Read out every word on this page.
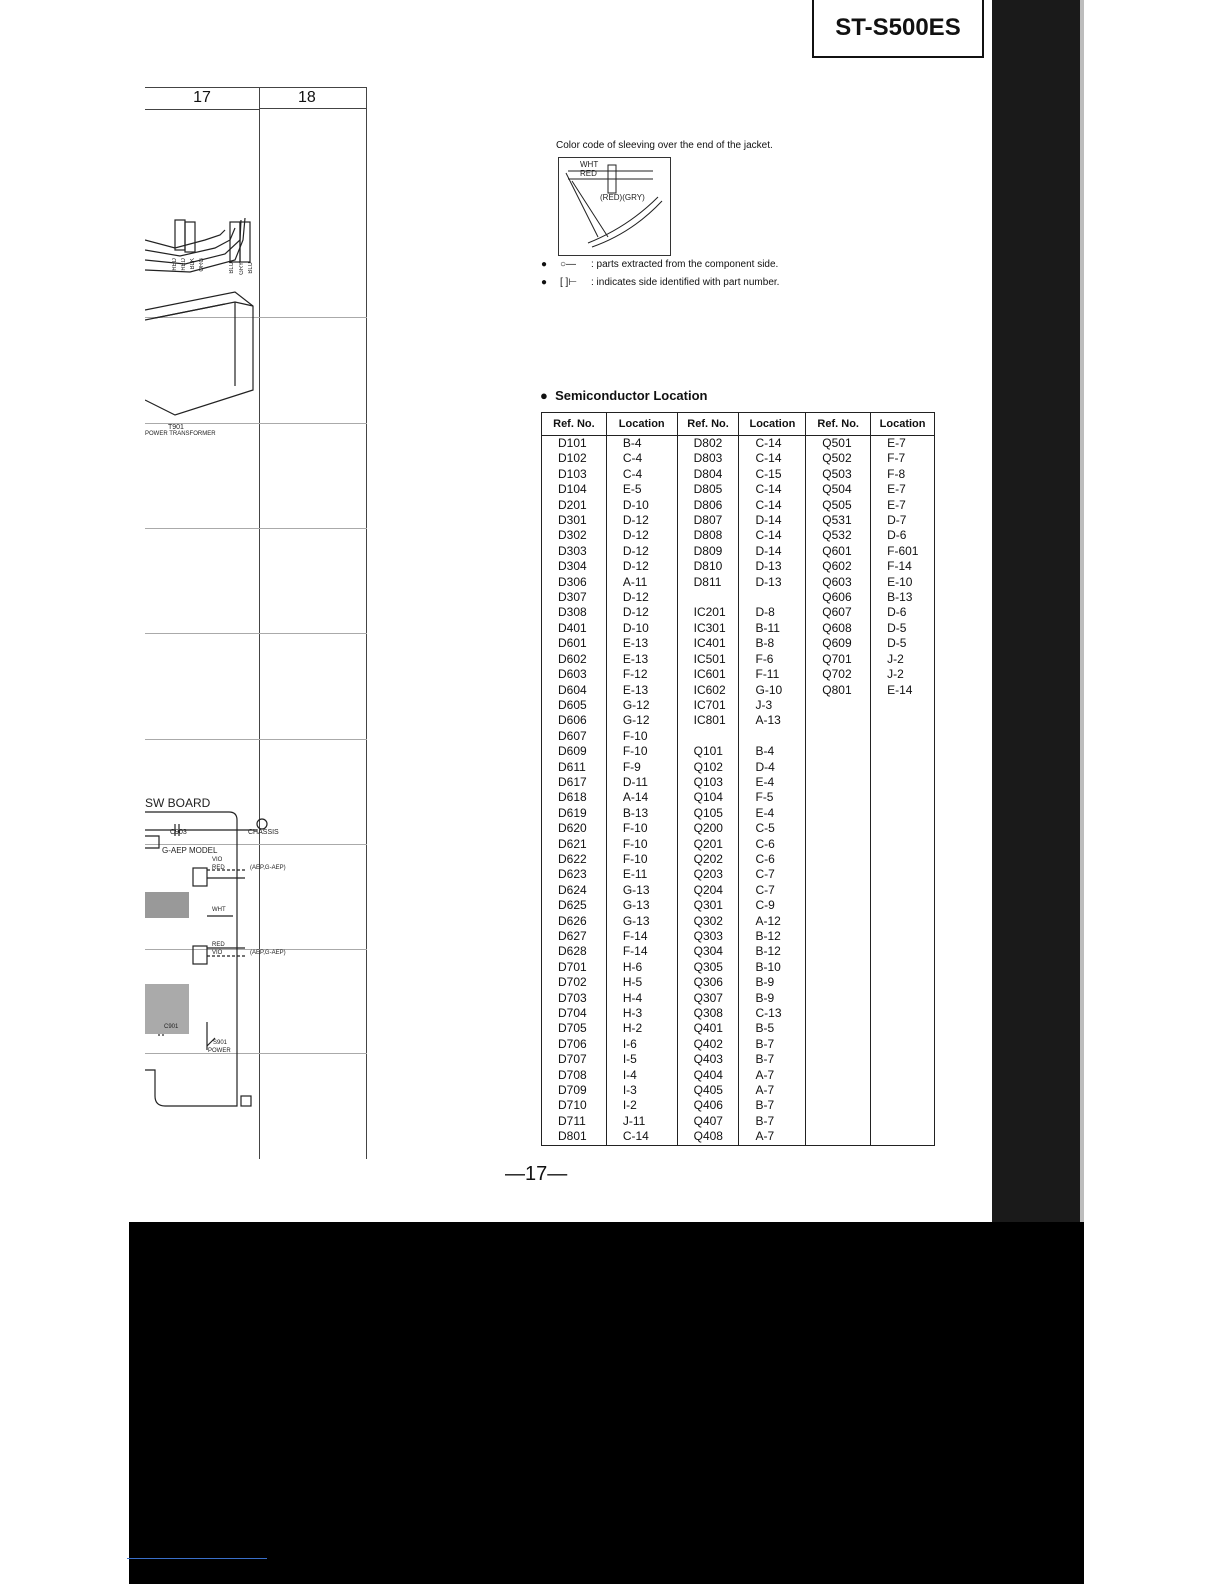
ST-S500ES
17	18
RED RED BLK ORG	BLU GRY BLU
T901
POWER TRANSFORMER
SW BOARD
C903	CHASSIS
G-AEP MODEL
VIO
RED	(AEP,G-AEP)
WHT
RED
VIO	(AEP,G-AEP)
C901
S901
POWER
Color code of sleeving over the end of the jacket.
WHT
RED
(RED)(GRY)
● ○— : parts extracted from the component side.
● [ ]⊢ : indicates side identified with part number.
●  Semiconductor Location
Ref. No.	Location	Ref. No.	Location	Ref. No.	Location
D101	B-4	D802	C-14	Q501	E-7
D102	C-4	D803	C-14	Q502	F-7
D103	C-4	D804	C-15	Q503	F-8
D104	E-5	D805	C-14	Q504	E-7
D201	D-10	D806	C-14	Q505	E-7
D301	D-12	D807	D-14	Q531	D-7
D302	D-12	D808	C-14	Q532	D-6
D303	D-12	D809	D-14	Q601	F-601
D304	D-12	D810	D-13	Q602	F-14
D306	A-11	D811	D-13	Q603	E-10
D307	D-12			Q606	B-13
D308	D-12	IC201	D-8	Q607	D-6
D401	D-10	IC301	B-11	Q608	D-5
D601	E-13	IC401	B-8	Q609	D-5
D602	E-13	IC501	F-6	Q701	J-2
D603	F-12	IC601	F-11	Q702	J-2
D604	E-13	IC602	G-10	Q801	E-14
D605	G-12	IC701	J-3		
D606	G-12	IC801	A-13		
D607	F-10				
D609	F-10	Q101	B-4		
D611	F-9	Q102	D-4		
D617	D-11	Q103	E-4		
D618	A-14	Q104	F-5		
D619	B-13	Q105	E-4		
D620	F-10	Q200	C-5		
D621	F-10	Q201	C-6		
D622	F-10	Q202	C-6		
D623	E-11	Q203	C-7		
D624	G-13	Q204	C-7		
D625	G-13	Q301	C-9		
D626	G-13	Q302	A-12		
D627	F-14	Q303	B-12		
D628	F-14	Q304	B-12		
D701	H-6	Q305	B-10		
D702	H-5	Q306	B-9		
D703	H-4	Q307	B-9		
D704	H-3	Q308	C-13		
D705	H-2	Q401	B-5		
D706	I-6	Q402	B-7		
D707	I-5	Q403	B-7		
D708	I-4	Q404	A-7		
D709	I-3	Q405	A-7		
D710	I-2	Q406	B-7		
D711	J-11	Q407	B-7		
D801	C-14	Q408	A-7		
—17—
